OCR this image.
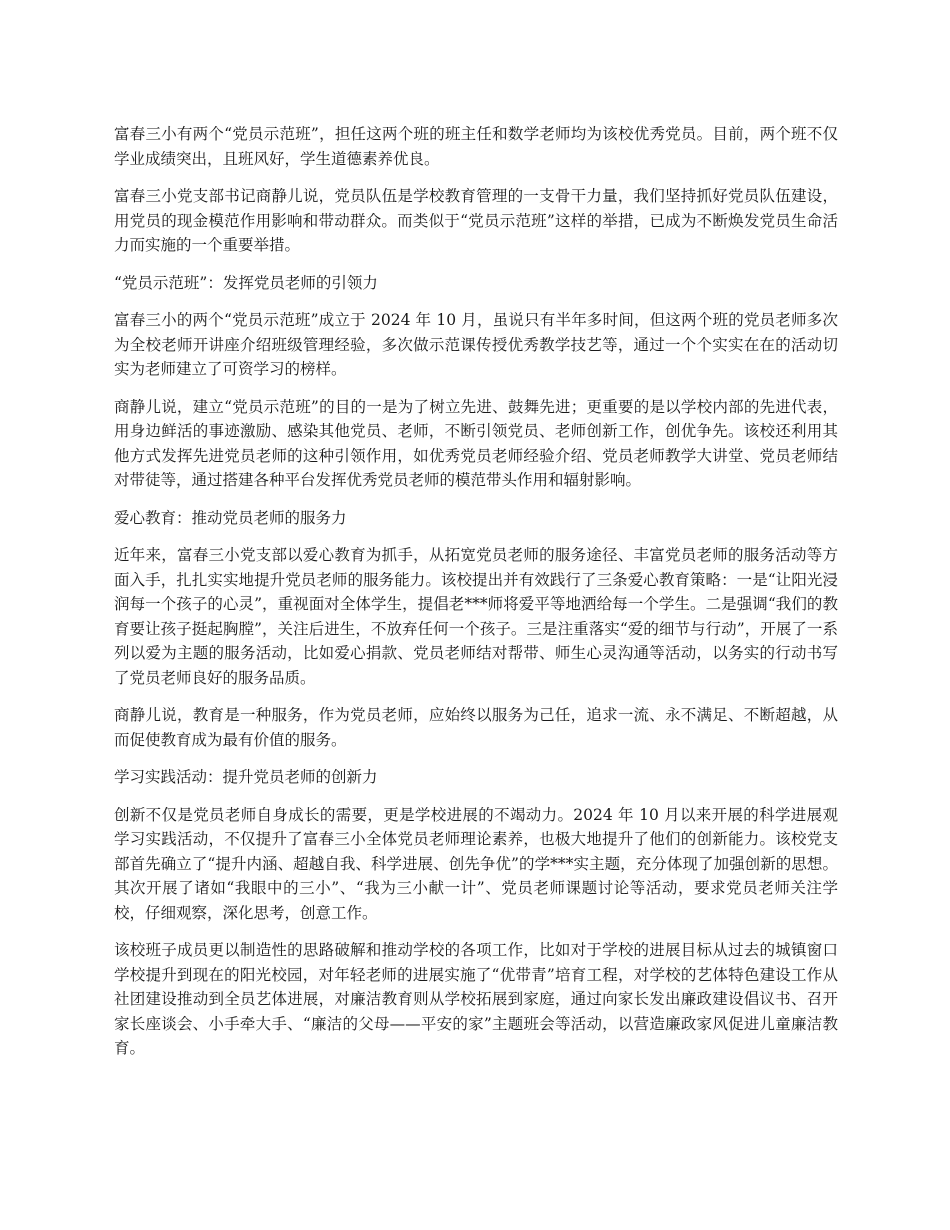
富春三小有两个“党员示范班”，担任这两个班的班主任和数学老师均为该校优秀党员。目前，两个班不仅学业成绩突出，且班风好，学生道德素养优良。

富春三小党支部书记商静儿说，党员队伍是学校教育管理的一支骨干力量，我们坚持抓好党员队伍建设，用党员的现金模范作用影响和带动群众。而类似于“党员示范班”这样的举措，已成为不断焕发党员生命活力而实施的一个重要举措。

“党员示范班”：发挥党员老师的引领力

富春三小的两个“党员示范班”成立于 2024 年 10 月，虽说只有半年多时间，但这两个班的党员老师多次为全校老师开讲座介绍班级管理经验，多次做示范课传授优秀教学技艺等，通过一个个实实在在的活动切实为老师建立了可资学习的榜样。

商静儿说，建立“党员示范班”的目的一是为了树立先进、鼓舞先进；更重要的是以学校内部的先进代表，用身边鲜活的事迹激励、感染其他党员、老师，不断引领党员、老师创新工作，创优争先。该校还利用其他方式发挥先进党员老师的这种引领作用，如优秀党员老师经验介绍、党员老师教学大讲堂、党员老师结对带徒等，通过搭建各种平台发挥优秀党员老师的模范带头作用和辐射影响。

爱心教育：推动党员老师的服务力

近年来，富春三小党支部以爱心教育为抓手，从拓宽党员老师的服务途径、丰富党员老师的服务活动等方面入手，扎扎实实地提升党员老师的服务能力。该校提出并有效践行了三条爱心教育策略：一是“让阳光浸润每一个孩子的心灵”，重视面对全体学生，提倡老***师将爱平等地洒给每一个学生。二是强调“我们的教育要让孩子挺起胸膛”，关注后进生，不放弃任何一个孩子。三是注重落实“爱的细节与行动”，开展了一系列以爱为主题的服务活动，比如爱心捐款、党员老师结对帮带、师生心灵沟通等活动，以务实的行动书写了党员老师良好的服务品质。

商静儿说，教育是一种服务，作为党员老师，应始终以服务为己任，追求一流、永不满足、不断超越，从而促使教育成为最有价值的服务。

学习实践活动：提升党员老师的创新力

创新不仅是党员老师自身成长的需要，更是学校进展的不竭动力。2024 年 10 月以来开展的科学进展观学习实践活动，不仅提升了富春三小全体党员老师理论素养，也极大地提升了他们的创新能力。该校党支部首先确立了“提升内涵、超越自我、科学进展、创先争优”的学***实主题，充分体现了加强创新的思想。其次开展了诸如“我眼中的三小”、“我为三小献一计”、党员老师课题讨论等活动，要求党员老师关注学校，仔细观察，深化思考，创意工作。

该校班子成员更以制造性的思路破解和推动学校的各项工作，比如对于学校的进展目标从过去的城镇窗口学校提升到现在的阳光校园，对年轻老师的进展实施了“优带青”培育工程，对学校的艺体特色建设工作从社团建设推动到全员艺体进展，对廉洁教育则从学校拓展到家庭，通过向家长发出廉政建设倡议书、召开家长座谈会、小手牵大手、“廉洁的父母——平安的家”主题班会等活动，以营造廉政家风促进儿童廉洁教育。
